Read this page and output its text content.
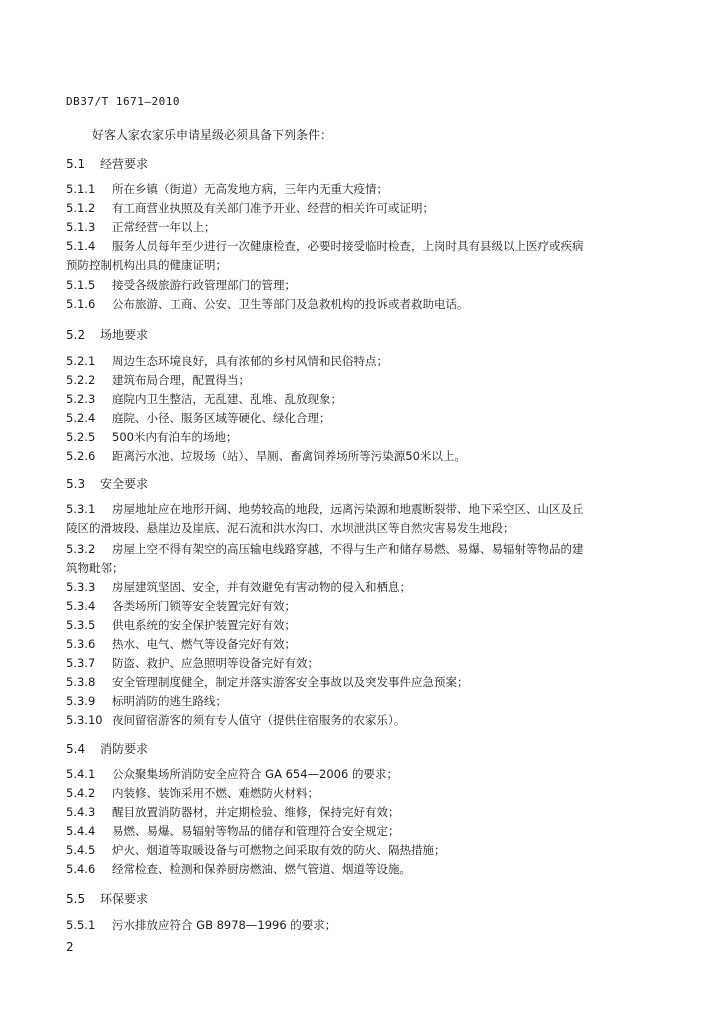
DB37/T 1671—2010
好客人家农家乐申请星级必须具备下列条件：
5.1 经营要求
5.2 场地要求
5.3 安全要求
5.4 消防要求
5.5 环保要求
5.1.1 所在乡镇（街道）无高发地方病，三年内无重大疫情；
5.1.2 有工商营业执照及有关部门准予开业、经营的相关许可或证明；
5.1.3 正常经营一年以上；
5.1.4 服务人员每年至少进行一次健康检查，必要时接受临时检查，上岗时具有县级以上医疗或疾病
预防控制机构出具的健康证明；
5.1.5 接受各级旅游行政管理部门的管理；
5.1.6 公布旅游、工商、公安、卫生等部门及急救机构的投诉或者救助电话。
5.2.1 周边生态环境良好，具有浓郁的乡村风情和民俗特点；
5.2.2 建筑布局合理，配置得当；
5.2.3 庭院内卫生整洁，无乱建、乱堆、乱放现象；
5.2.4 庭院、小径、服务区域等硬化、绿化合理；
5.2.5 500米内有泊车的场地；
5.2.6 距离污水池、垃圾场（站）、旱厕、畜禽饲养场所等污染源50米以上。
5.3.1 房屋地址应在地形开阔、地势较高的地段，远离污染源和地震断裂带、地下采空区、山区及丘
陵区的滑坡段、悬崖边及崖底、泥石流和洪水沟口、水坝泄洪区等自然灾害易发生地段；
5.3.2 房屋上空不得有架空的高压输电线路穿越，不得与生产和储存易燃、易爆、易辐射等物品的建
筑物毗邻；
5.3.3 房屋建筑坚固、安全，并有效避免有害动物的侵入和栖息；
5.3.4 各类场所门锁等安全装置完好有效；
5.3.5 供电系统的安全保护装置完好有效；
5.3.6 热水、电气、燃气等设备完好有效；
5.3.7 防盗、救护、应急照明等设备完好有效；
5.3.8 安全管理制度健全，制定并落实游客安全事故以及突发事件应急预案；
5.3.9 标明消防的逃生路线；
5.3.10 夜间留宿游客的须有专人值守（提供住宿服务的农家乐）。
5.4.1 公众聚集场所消防安全应符合 GA 654—2006 的要求；
5.4.2 内装修、装饰采用不燃、难燃防火材料；
5.4.3 醒目放置消防器材，并定期检验、维修，保持完好有效；
5.4.4 易燃、易爆、易辐射等物品的储存和管理符合安全规定；
5.4.5 炉火、烟道等取暖设备与可燃物之间采取有效的防火、隔热措施；
5.4.6 经常检查、检测和保养厨房燃油、燃气管道、烟道等设施。
5.5.1 污水排放应符合 GB 8978—1996 的要求；
2
